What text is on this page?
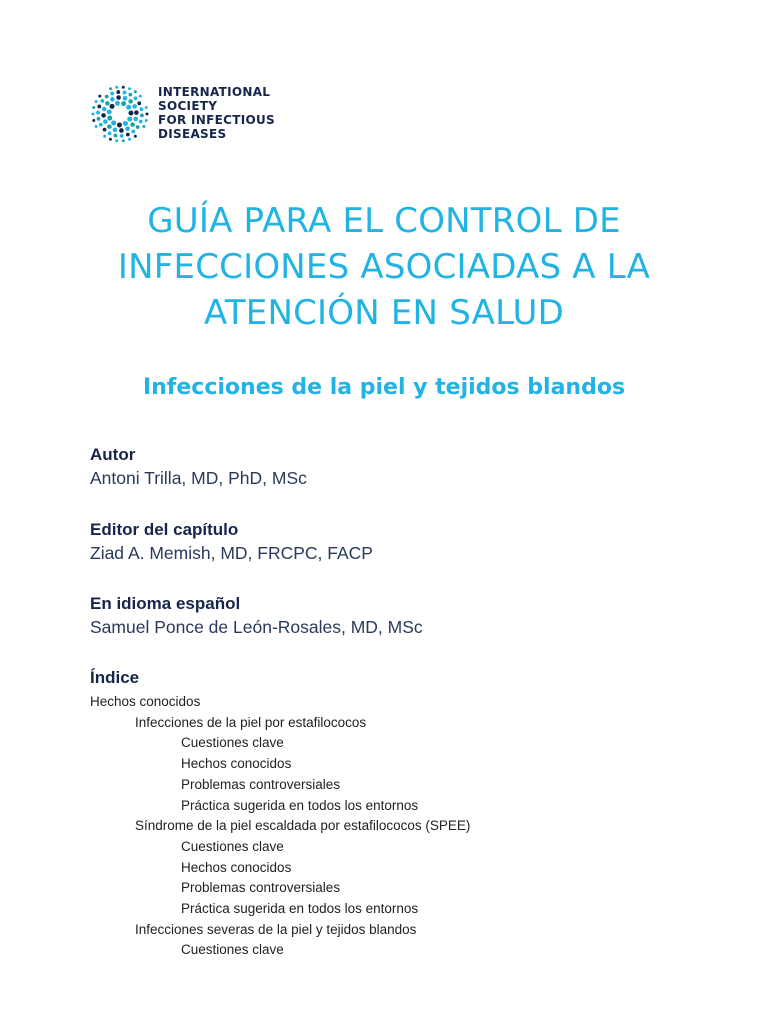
INTERNATIONAL
SOCIETY
FOR INFECTIOUS
DISEASES
GUÍA PARA EL CONTROL DE
INFECCIONES ASOCIADAS A LA
ATENCIÓN EN SALUD
Infecciones de la piel y tejidos blandos
Autor
Antoni Trilla, MD, PhD, MSc
Editor del capítulo
Ziad A. Memish, MD, FRCPC, FACP
En idioma español
Samuel Ponce de León-Rosales, MD, MSc
Índice
Hechos conocidos
Infecciones de la piel por estafilococos
Cuestiones clave
Hechos conocidos
Problemas controversiales
Práctica sugerida en todos los entornos
Síndrome de la piel escaldada por estafilococos (SPEE)
Cuestiones clave
Hechos conocidos
Problemas controversiales
Práctica sugerida en todos los entornos
Infecciones severas de la piel y tejidos blandos
Cuestiones clave
